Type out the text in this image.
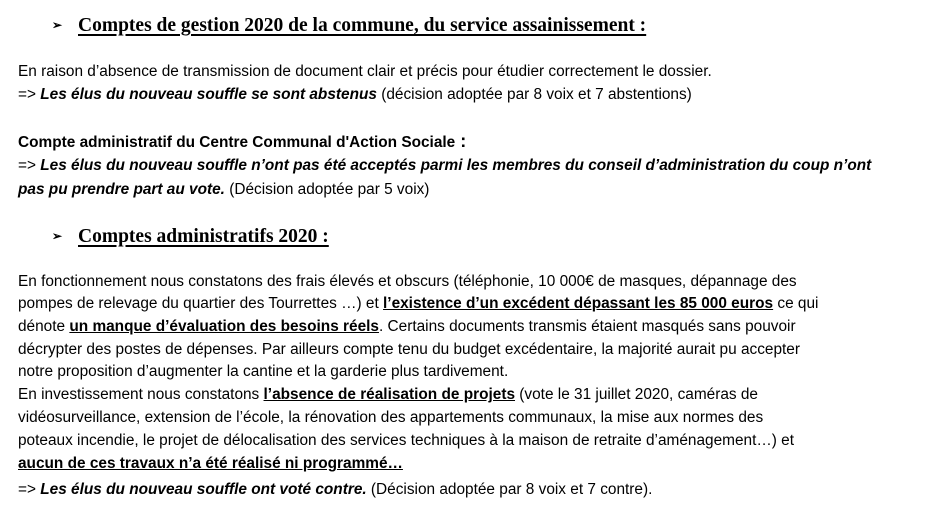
➢ Comptes de gestion 2020 de la commune, du service assainissement :
En raison d’absence de transmission de document clair et précis pour étudier correctement le dossier.
=> Les élus du nouveau souffle se sont abstenus (décision adoptée par 8 voix et 7 abstentions)
Compte administratif du Centre Communal d'Action Sociale :
=> Les élus du nouveau souffle n’ont pas été acceptés parmi les membres du conseil d’administration du coup n’ont
pas pu prendre part au vote. (Décision adoptée par 5 voix)
➢ Comptes administratifs 2020 :
En fonctionnement nous constatons des frais élevés et obscurs (téléphonie, 10 000€ de masques, dépannage des
pompes de relevage du quartier des Tourrettes …) et l’existence d’un excédent dépassant les 85 000 euros ce qui
dénote un manque d’évaluation des besoins réels. Certains documents transmis étaient masqués sans pouvoir
décrypter des postes de dépenses. Par ailleurs compte tenu du budget excédentaire, la majorité aurait pu accepter
notre proposition d’augmenter la cantine et la garderie plus tardivement.
En investissement nous constatons l’absence de réalisation de projets (vote le 31 juillet 2020, caméras de
vidéosurveillance, extension de l’école, la rénovation des appartements communaux, la mise aux normes des
poteaux incendie, le projet de délocalisation des services techniques à la maison de retraite d’aménagement…) et
aucun de ces travaux n’a été réalisé ni programmé…
=> Les élus du nouveau souffle ont voté contre. (Décision adoptée par 8 voix et 7 contre).
